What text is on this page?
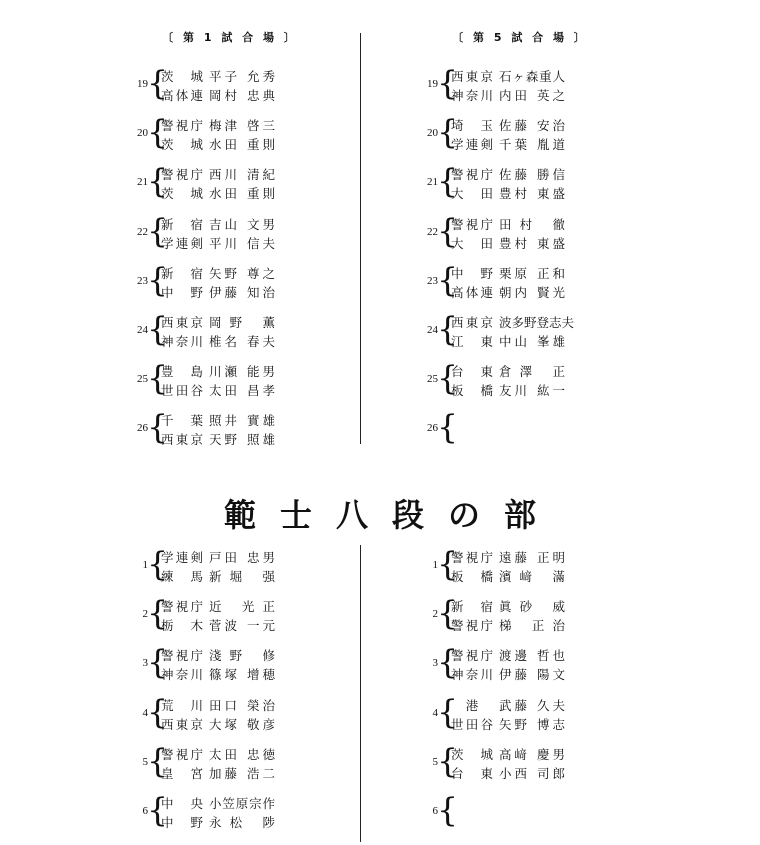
〔 第 1 試 合 場 〕	〔 第 5 試 合 場 〕
範士八段の部
19 {
茨 城 平子 允秀
高体連 岡村 忠典
20 {
警視庁 梅津 啓三
茨 城 水田 重則
21 {
警視庁 西川 清紀
茨 城 水田 重則
22 {
新 宿 吉山 文男
学連剣 平川 信夫
23 {
新 宿 矢野 尊之
中 野 伊藤 知治
24 {
西東京 岡野 薫
神奈川 椎名 春夫
25 {
豊 島 川瀬 能男
世田谷 太田 昌孝
26 {
千 葉 照井 實雄
西東京 天野 照雄
19 {
西東京 石ヶ森重人
神奈川 内田 英之
20 {
埼 玉 佐藤 安治
学連剣 千葉 胤道
21 {
警視庁 佐藤 勝信
大 田 豊村 東盛
22 {
警視庁 田村 徹
大 田 豊村 東盛
23 {
中 野 栗原 正和
高体連 朝内 賢光
24 {
西東京 波多野登志夫
江 東 中山 峯雄
25 {
台 東 倉澤 正
板 橋 友川 紘一
26 {
1 {
学連剣 戸田 忠男
練 馬 新堀 强
2 {
警視庁 近 光正
栃 木 菅波 一元
3 {
警視庁 淺野 修
神奈川 篠塚 增穂
4 {
荒 川 田口 榮治
西東京 大塚 敬彦
5 {
警視庁 太田 忠徳
皇 宮 加藤 浩二
6 {
中 央 小笠原宗作
中 野 永松 陟
1 {
警視庁 遠藤 正明
板 橋 濱﨑 滿
2 {
新 宿 眞砂 威
警視庁 梯 正治
3 {
警視庁 渡邊 哲也
神奈川 伊藤 陽文
4 { 港	武藤 久夫
世田谷 矢野 博志
5 {
茨 城 高﨑 慶男
台 東 小西 司郎
6 {
